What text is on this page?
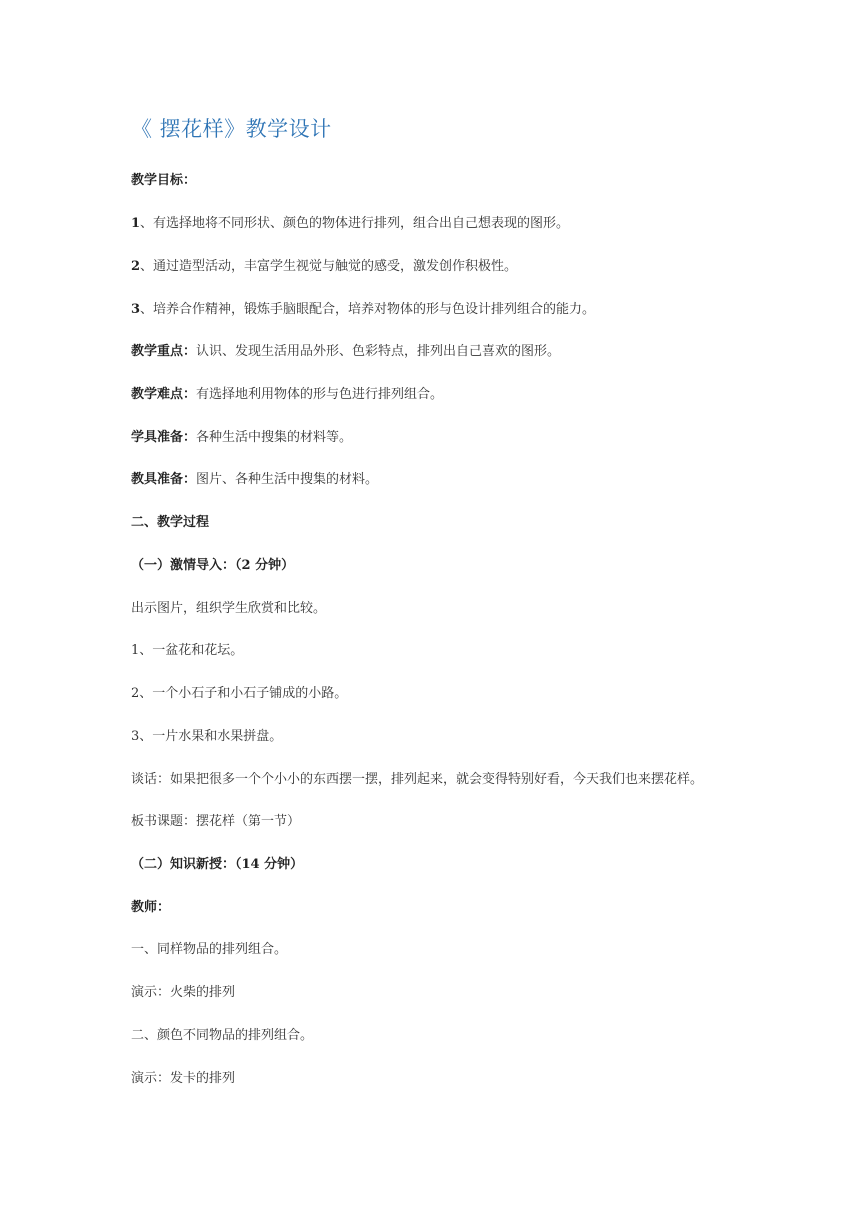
《 摆花样》教学设计
教学目标：
1、有选择地将不同形状、颜色的物体进行排列，组合出自己想表现的图形。
2、通过造型活动，丰富学生视觉与触觉的感受，激发创作积极性。
3、培养合作精神，锻炼手脑眼配合，培养对物体的形与色设计排列组合的能力。
教学重点：认识、发现生活用品外形、色彩特点，排列出自己喜欢的图形。
教学难点：有选择地利用物体的形与色进行排列组合。
学具准备：各种生活中搜集的材料等。
教具准备：图片、各种生活中搜集的材料。
二、教学过程
（一）激情导入：（2 分钟）
出示图片，组织学生欣赏和比较。
1、一盆花和花坛。
2、一个小石子和小石子铺成的小路。
3、一片水果和水果拼盘。
谈话：如果把很多一个个小小的东西摆一摆，排列起来，就会变得特别好看，今天我们也来摆花样。
板书课题：摆花样（第一节）
（二）知识新授：（14 分钟）
教师：
一、同样物品的排列组合。
演示：火柴的排列
二、颜色不同物品的排列组合。
演示：发卡的排列
